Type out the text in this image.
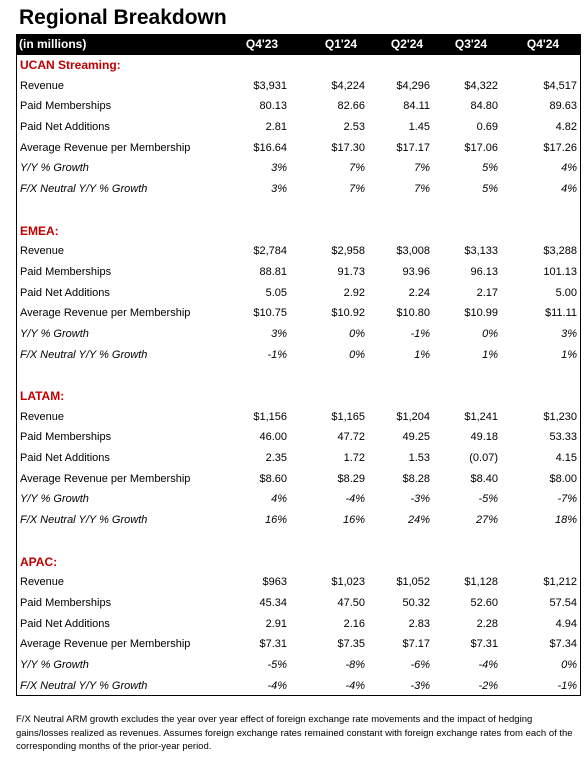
Regional Breakdown
(in millions)	Q4'23	Q1'24	Q2'24	Q3'24	Q4'24
UCAN Streaming:
Revenue	$3,931	$4,224	$4,296	$4,322	$4,517
Paid Memberships	80.13	82.66	84.11	84.80	89.63
Paid Net Additions	2.81	2.53	1.45	0.69	4.82
Average Revenue per Membership	$16.64	$17.30	$17.17	$17.06	$17.26
Y/Y % Growth	3%	7%	7%	5%	4%
F/X Neutral Y/Y % Growth	3%	7%	7%	5%	4%
EMEA:
Revenue	$2,784	$2,958	$3,008	$3,133	$3,288
Paid Memberships	88.81	91.73	93.96	96.13	101.13
Paid Net Additions	5.05	2.92	2.24	2.17	5.00
Average Revenue per Membership	$10.75	$10.92	$10.80	$10.99	$11.11
Y/Y % Growth	3%	0%	-1%	0%	3%
F/X Neutral Y/Y % Growth	-1%	0%	1%	1%	1%
LATAM:
Revenue	$1,156	$1,165	$1,204	$1,241	$1,230
Paid Memberships	46.00	47.72	49.25	49.18	53.33
Paid Net Additions	2.35	1.72	1.53	(0.07)	4.15
Average Revenue per Membership	$8.60	$8.29	$8.28	$8.40	$8.00
Y/Y % Growth	4%	-4%	-3%	-5%	-7%
F/X Neutral Y/Y % Growth	16%	16%	24%	27%	18%
APAC:
Revenue	$963	$1,023	$1,052	$1,128	$1,212
Paid Memberships	45.34	47.50	50.32	52.60	57.54
Paid Net Additions	2.91	2.16	2.83	2.28	4.94
Average Revenue per Membership	$7.31	$7.35	$7.17	$7.31	$7.34
Y/Y % Growth	-5%	-8%	-6%	-4%	0%
F/X Neutral Y/Y % Growth	-4%	-4%	-3%	-2%	-1%
F/X Neutral ARM growth excludes the year over year effect of foreign exchange rate movements and the impact of hedging gains/losses realized as revenues. Assumes foreign exchange rates remained constant with foreign exchange rates from each of the corresponding months of the prior-year period.
